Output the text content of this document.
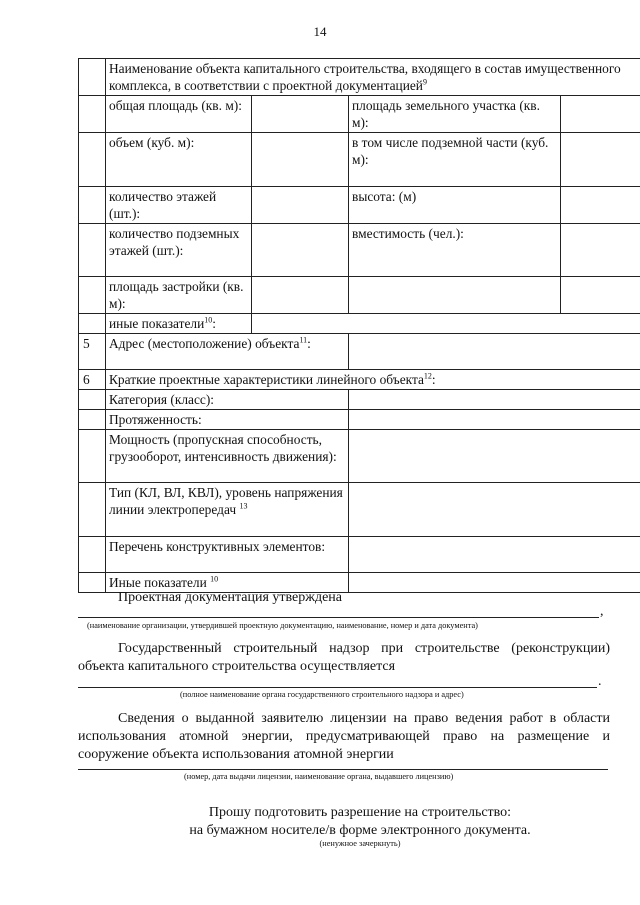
14
	Наименование объекта капитального строительства, входящего в состав имущественного комплекса, в соответствии с проектной документацией$^9$
	общая площадь (кв. м):		площадь земельного участка (кв. м):	
	объем (куб. м):		в том числе подземной части (куб. м):	
	количество этажей (шт.):		высота: (м)	
	количество подземных этажей (шт.):		вместимость (чел.):	
	площадь застройки (кв. м):			
	иные показатели$^{10}$:			
5	Адрес (местоположение) объекта$^{11}$:			
6	Краткие проектные характеристики линейного объекта$^{12}$:			
	Категория (класс):			
	Протяженность:			
	Мощность (пропускная способность, грузооборот, интенсивность движения):			
	Тип (КЛ, ВЛ, КВЛ), уровень напряжения линии электропередач $^{13}$	
	Перечень конструктивных элементов:			
	Иные показатели $^{10}$	
Проектная документация утверждена
,
(наименование организации, утвердившей проектную документацию, наименование, номер и дата документа)
Государственный строительный надзор при строительстве (реконструкции) объекта капитального строительства осуществляется
.
(полное наименование органа государственного строительного надзора и адрес)
Сведения о выданной заявителю лицензии на право ведения работ в области использования атомной энергии, предусматривающей право на размещение и сооружение объекта использования атомной энергии
(номер, дата выдачи лицензии, наименование органа, выдавшего лицензию)
Прошу подготовить разрешение на строительство:
на бумажном носителе/в форме электронного документа.
(ненужное зачеркнуть)
